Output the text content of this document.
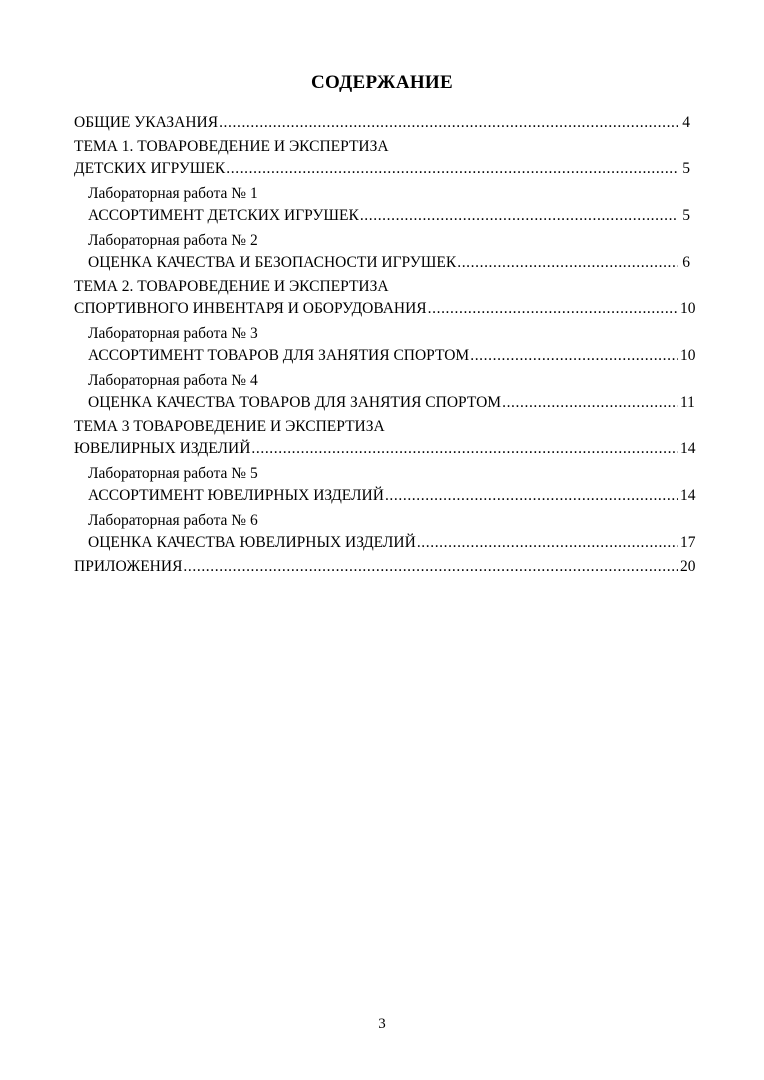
СОДЕРЖАНИЕ
ОБЩИЕ УКАЗАНИЯ .....	4
ТЕМА 1. ТОВАРОВЕДЕНИЕ И ЭКСПЕРТИЗА
ДЕТСКИХ ИГРУШЕК .....	5
Лабораторная работа № 1
АССОРТИМЕНТ ДЕТСКИХ ИГРУШЕК .....	5
Лабораторная работа № 2
ОЦЕНКА КАЧЕСТВА И БЕЗОПАСНОСТИ ИГРУШЕК .....	6
ТЕМА 2. ТОВАРОВЕДЕНИЕ И ЭКСПЕРТИЗА
СПОРТИВНОГО ИНВЕНТАРЯ И ОБОРУДОВАНИЯ .....	10
Лабораторная работа № 3
АССОРТИМЕНТ ТОВАРОВ ДЛЯ ЗАНЯТИЯ СПОРТОМ .....	10
Лабораторная работа № 4
ОЦЕНКА КАЧЕСТВА ТОВАРОВ ДЛЯ ЗАНЯТИЯ СПОРТОМ .....	11
ТЕМА 3 ТОВАРОВЕДЕНИЕ И ЭКСПЕРТИЗА
ЮВЕЛИРНЫХ ИЗДЕЛИЙ .....	14
Лабораторная работа № 5
АССОРТИМЕНТ ЮВЕЛИРНЫХ ИЗДЕЛИЙ .....	14
Лабораторная работа № 6
ОЦЕНКА КАЧЕСТВА ЮВЕЛИРНЫХ ИЗДЕЛИЙ .....	17
ПРИЛОЖЕНИЯ .....	20
3
